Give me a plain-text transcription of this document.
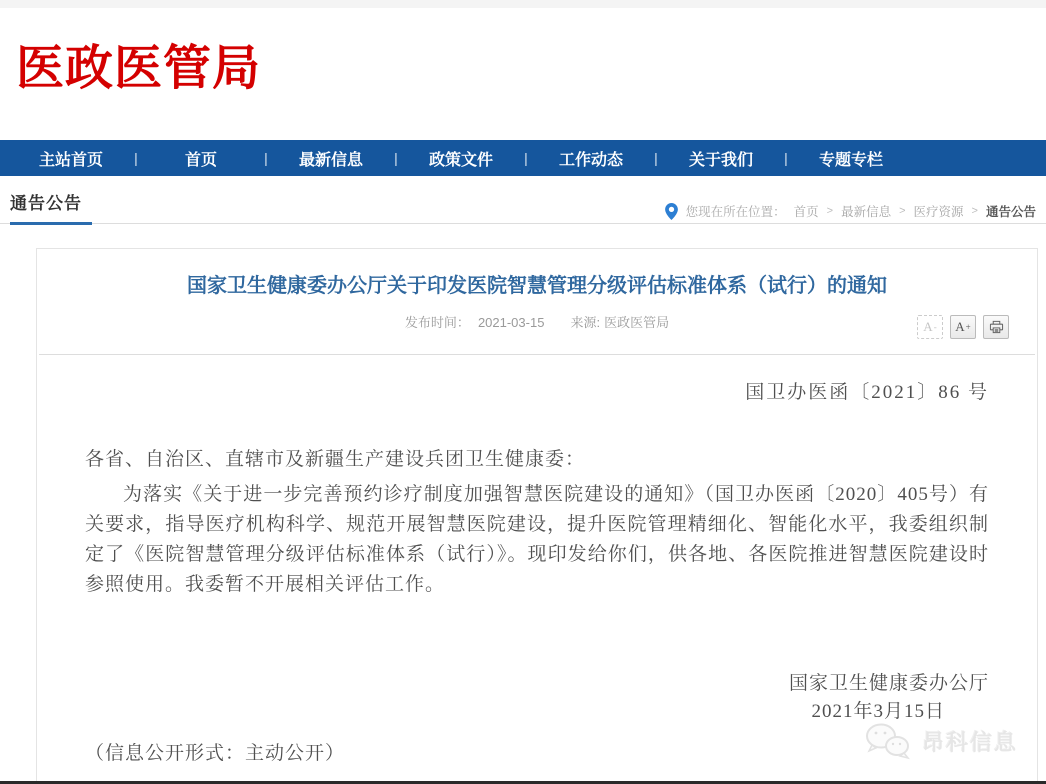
医政医管局
主站首页	|	首页	|	最新信息	|	政策文件	|	工作动态	|	关于我们	|	专题专栏
通告公告	您现在所在位置： 首页 > 最新信息 > 医疗资源 > 通告公告
国家卫生健康委办公厅关于印发医院智慧管理分级评估标准体系（试行）的通知
发布时间： 2021-03-15 来源: 医政医管局	A - A +

国卫办医函〔2021〕86 号

各省、自治区、直辖市及新疆生产建设兵团卫生健康委：

为落实《关于进一步完善预约诊疗制度加强智慧医院建设的通知》（国卫办医函〔2020〕405号）有关要求，指导医疗机构科学、规范开展智慧医院建设，提升医院管理精细化、智能化水平，我委组织制定了《医院智慧管理分级评估标准体系（试行）》。现印发给你们，供各地、各医院推进智慧医院建设时参照使用。我委暂不开展相关评估工作。

国家卫生健康委办公厅

2021年3月15日

（信息公开形式：主动公开）	昂科信息
